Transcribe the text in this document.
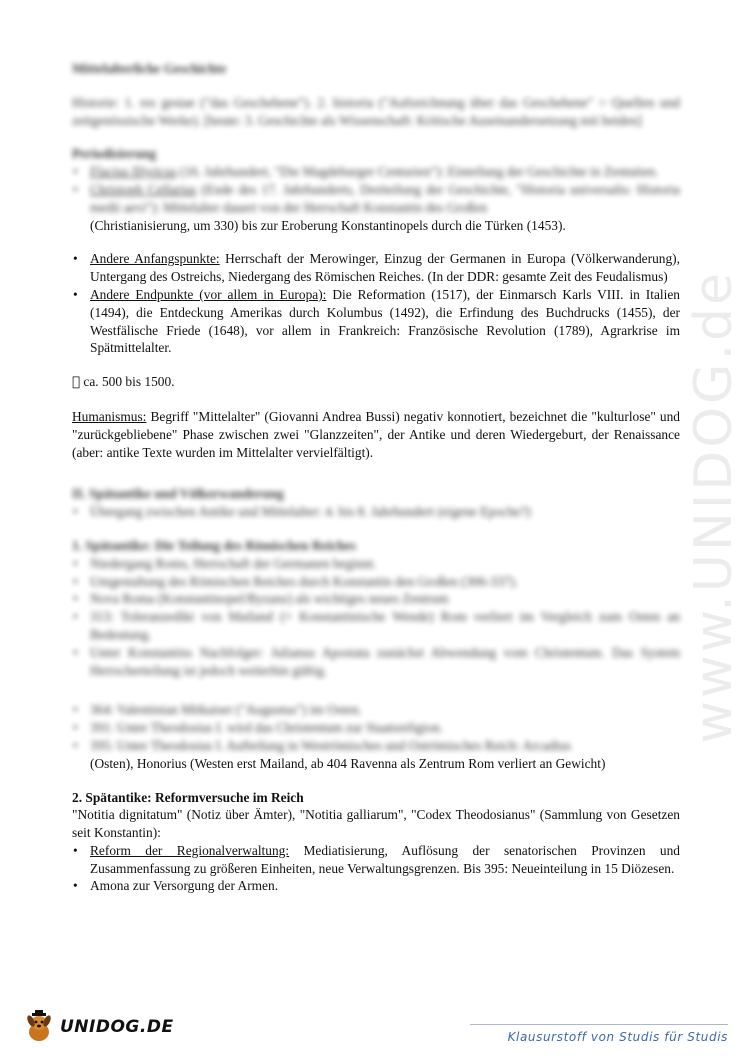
www.UNIDOG.de
Mittelalterliche Geschichte
Historie: 1. res gestae ("das Geschehene"). 2. historia ("Aufzeichnung über das Geschehene" > Quellen und zeitgenössische Werke). [heute: 3. Geschichte als Wissenschaft: Kritische Auseinandersetzung mit beiden]
Periodisierung
• Flacius Illyricus (16. Jahrhundert, "Die Magdeburger Centurien"): Einteilung der Geschichte in Zentutien.
• Christoph Cellarius (Ende des 17. Jahrhunderts, Dreiteilung der Geschichte, "Historia universalis: Historia medii aevi"): Mittelalter dauert von der Herrschaft Konstantin des Großen
(Christianisierung, um 330) bis zur Eroberung Konstantinopels durch die Türken (1453).
• Andere Anfangspunkte: Herrschaft der Merowinger, Einzug der Germanen in Europa (Völkerwanderung), Untergang des Ostreichs, Niedergang des Römischen Reiches. (In der DDR: gesamte Zeit des Feudalismus)
• Andere Endpunkte (vor allem in Europa): Die Reformation (1517), der Einmarsch Karls VIII. in Italien (1494), die Entdeckung Amerikas durch Kolumbus (1492), die Erfindung des Buchdrucks (1455), der Westfälische Friede (1648), vor allem in Frankreich: Französische Revolution (1789), Agrarkrise im Spätmittelalter.
ca. 500 bis 1500.
Humanismus: Begriff "Mittelalter" (Giovanni Andrea Bussi) negativ konnotiert, bezeichnet die "kulturlose" und "zurückgebliebene" Phase zwischen zwei "Glanzzeiten", der Antike und deren Wiedergeburt, der Renaissance (aber: antike Texte wurden im Mittelalter vervielfältigt).
II. Spätantike und Völkerwanderung
• Übergang zwischen Antike und Mittelalter: 4. bis 8. Jahrhundert (eigene Epoche?)
1. Spätantike: Die Teilung des Römischen Reiches
• Niedergang Roms, Herrschaft der Germanen beginnt.
• Umgestaltung des Römischen Reiches durch Konstantin den Großen (306-337).
• Nova Roma (Konstantinopel/Byzanz) als wichtiges neues Zentrum
• 313: Toleranzedikt von Mailand (= Konstantinische Wende) Rom verliert im Vergleich zum Osten an Bedeutung.
• Unter Konstantins Nachfolger: Julianus Apostata zunächst Abwendung vom Christentum. Das System Herrscherteilung ist jedoch weiterhin gültig.
• 364: Valentinian Mitkaiser ("Augustus") im Osten.
• 391: Unter Theodosius I. wird das Christentum zur Staatsreligion.
• 395: Unter Theodosius I. Aufteilung in Weströmisches und Oströmisches Reich: Arcadius
(Osten), Honorius (Westen erst Mailand, ab 404 Ravenna als Zentrum Rom verliert an Gewicht)
2. Spätantike: Reformversuche im Reich
"Notitia dignitatum" (Notiz über Ämter), "Notitia galliarum", "Codex Theodosianus" (Sammlung von Gesetzen seit Konstantin):
• Reform der Regionalverwaltung: Mediatisierung, Auflösung der senatorischen Provinzen und Zusammenfassung zu größeren Einheiten, neue Verwaltungsgrenzen. Bis 395: Neueinteilung in 15 Diözesen.
• Amona zur Versorgung der Armen.
UNIDOG.DE	Klausurstoff von Studis für Studis
